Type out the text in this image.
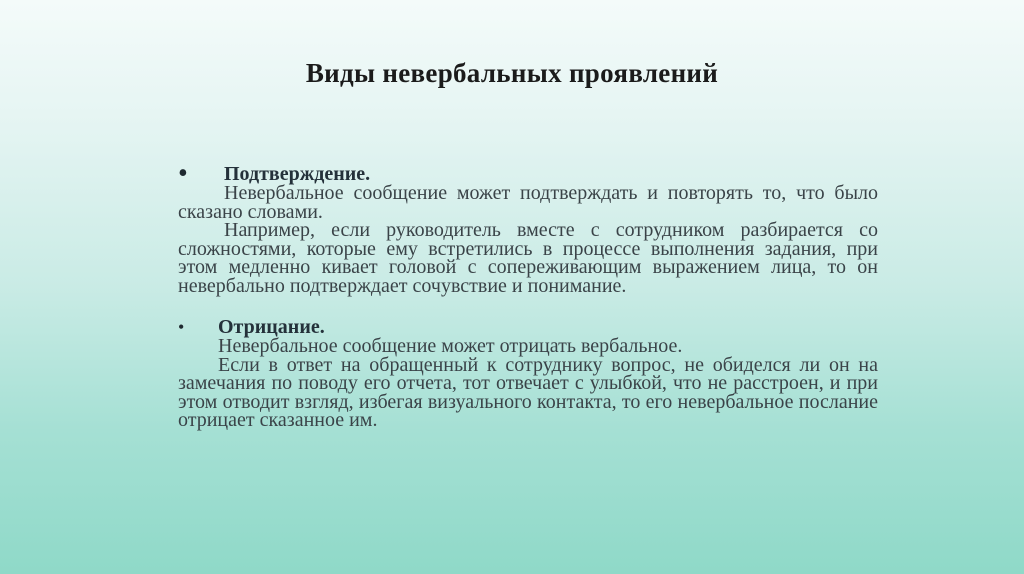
Виды невербальных проявлений
• Подтверждение.
Невербальное сообщение может подтверждать и повторять то, что было сказано словами.
Например, если руководитель вместе с сотрудником разбирается со сложностями, которые ему встретились в процессе выполнения задания, при этом медленно кивает головой с сопереживающим выражением лица, то он невербально подтверждает сочувствие и понимание.
• Отрицание.
Невербальное сообщение может отрицать вербальное.
Если в ответ на обращенный к сотруднику вопрос, не обиделся ли он на замечания по поводу его отчета, тот отвечает с улыбкой, что не расстроен, и при этом отводит взгляд, избегая визуального контакта, то его невербальное послание отрицает сказанное им.
